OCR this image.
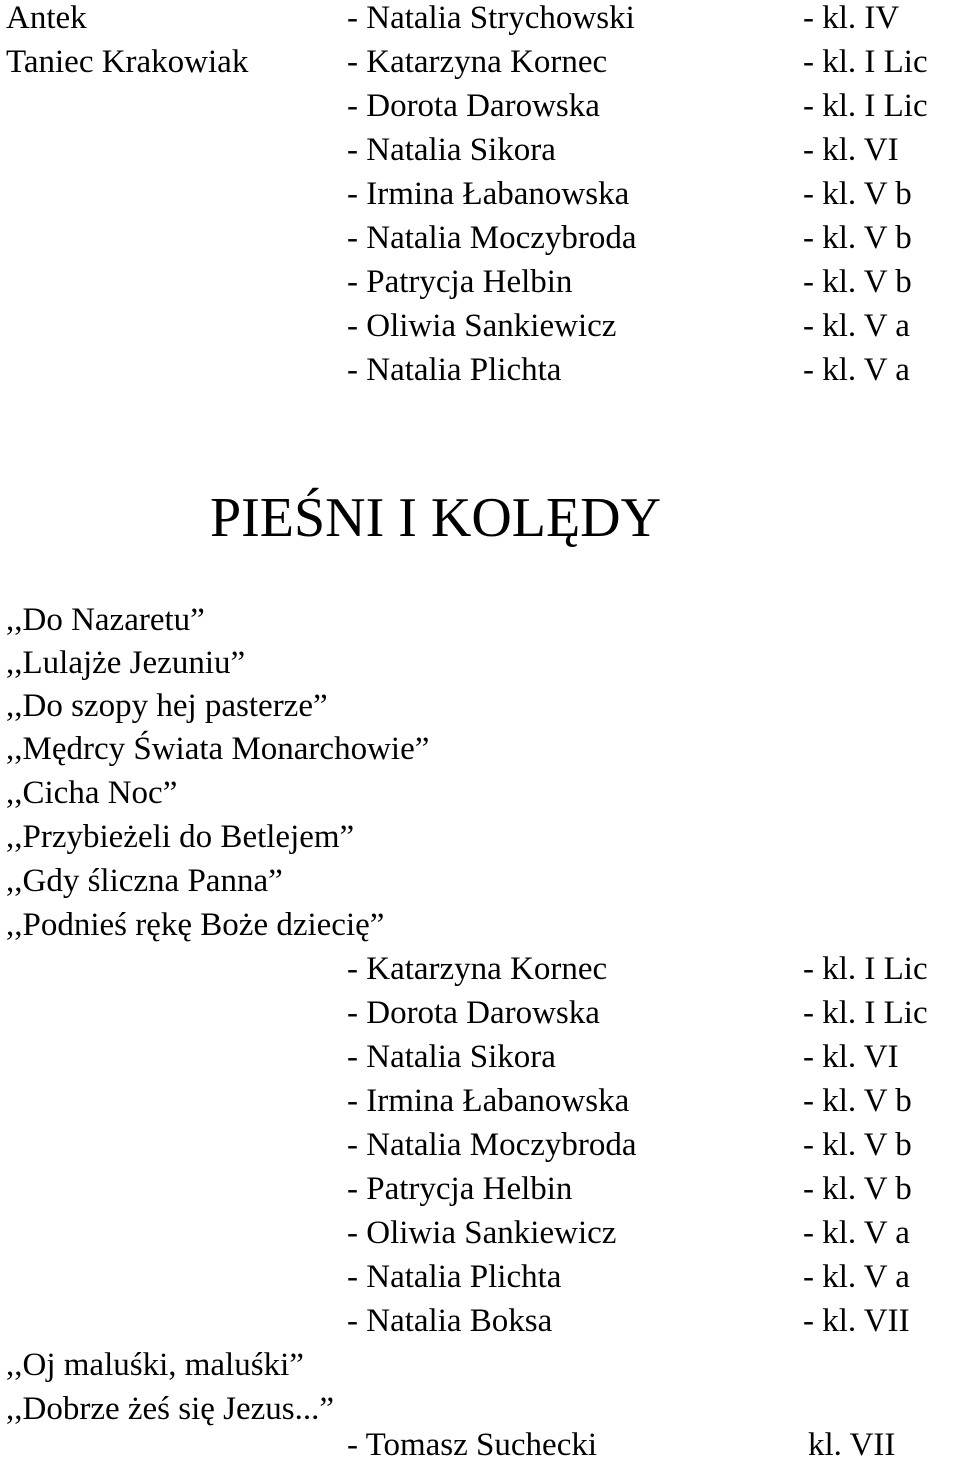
Antek	- Natalia Strychowski	- kl. IV
Taniec Krakowiak	- Katarzyna Kornec	- kl. I Lic
- Dorota Darowska	- kl. I Lic
- Natalia Sikora	- kl. VI
- Irmina Łabanowska	- kl. V b
- Natalia Moczybroda	- kl. V b
- Patrycja Helbin	- kl. V b
- Oliwia Sankiewicz	- kl. V a
- Natalia Plichta	- kl. V a
PIEŚNI I KOLĘDY
,,Do Nazaretu”
,,Lulajże Jezuniu”
,,Do szopy hej pasterze”
,,Mędrcy Świata Monarchowie”
,,Cicha Noc”
,,Przybieżeli do Betlejem”
,,Gdy śliczna Panna”
,,Podnieś rękę Boże dziecię”
- Katarzyna Kornec	- kl. I Lic
- Dorota Darowska	- kl. I Lic
- Natalia Sikora	- kl. VI
- Irmina Łabanowska	- kl. V b
- Natalia Moczybroda	- kl. V b
- Patrycja Helbin	- kl. V b
- Oliwia Sankiewicz	- kl. V a
- Natalia Plichta	- kl. V a
- Natalia Boksa	- kl. VII
,,Oj maluśki, maluśki”
,,Dobrze żeś się Jezus...”
- Tomasz Suchecki	kl. VII
